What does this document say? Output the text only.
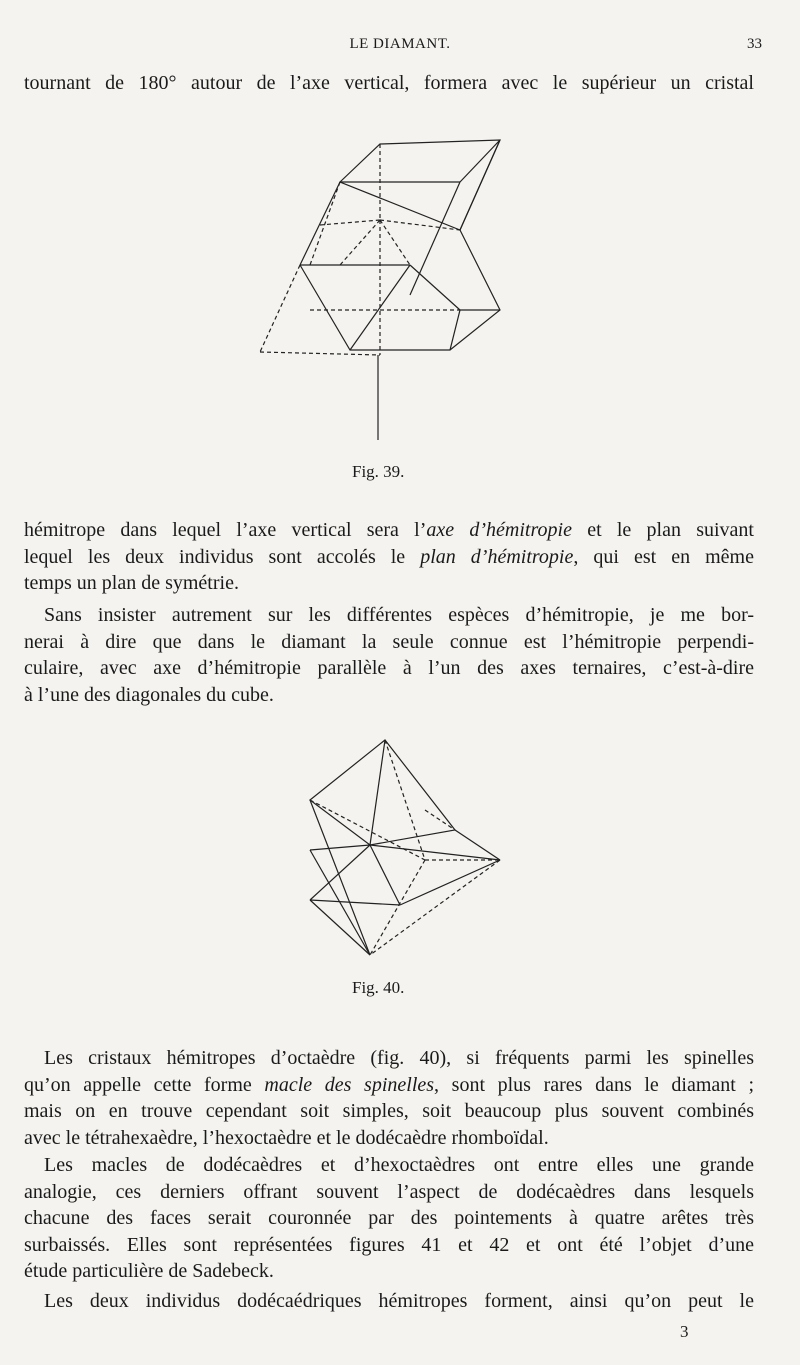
LE DIAMANT.	33
tournant de 180° autour de l’axe vertical, formera avec le supérieur un cristal
Fig. 39.
hémitrope dans lequel l’axe vertical sera l’axe d’hémitropie et le plan suivant
lequel les deux individus sont accolés le plan d’hémitropie, qui est en même
temps un plan de symétrie.
Sans insister autrement sur les différentes espèces d’hémitropie, je me bor-
nerai à dire que dans le diamant la seule connue est l’hémitropie perpendi-
culaire, avec axe d’hémitropie parallèle à l’un des axes ternaires, c’est-à-dire
à l’une des diagonales du cube.
Fig. 40.
Les cristaux hémitropes d’octaèdre (fig. 40), si fréquents parmi les spinelles
qu’on appelle cette forme macle des spinelles, sont plus rares dans le diamant ;
mais on en trouve cependant soit simples, soit beaucoup plus souvent combinés
avec le tétrahexaèdre, l’hexoctaèdre et le dodécaèdre rhomboïdal.
Les macles de dodécaèdres et d’hexoctaèdres ont entre elles une grande
analogie, ces derniers offrant souvent l’aspect de dodécaèdres dans lesquels
chacune des faces serait couronnée par des pointements à quatre arêtes très
surbaissés. Elles sont représentées figures 41 et 42 et ont été l’objet d’une
étude particulière de Sadebeck.
Les deux individus dodécaédriques hémitropes forment, ainsi qu’on peut le
3
